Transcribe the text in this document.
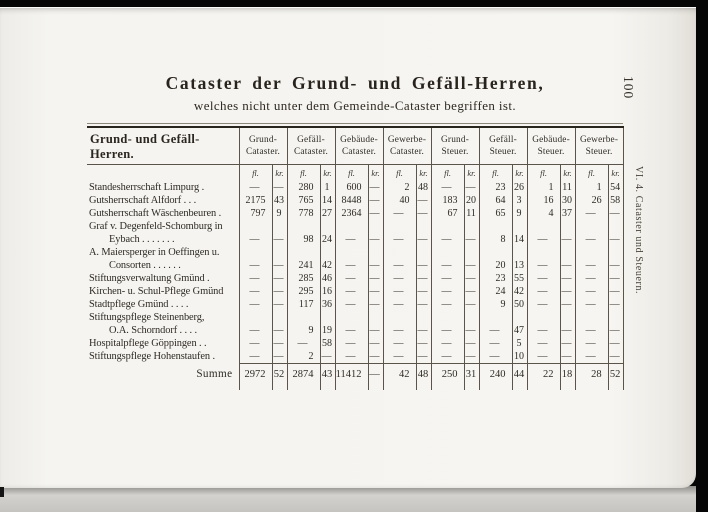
Cataster der Grund- und Gefäll-Herren,
welches nicht unter dem Gemeinde-Cataster begriffen ist.
Grund- und Gefäll-Herren.	Grund-Cataster.		Gefäll-Cataster.		Gebäude-Cataster.		Gewerbe-Cataster.		Grund-Steuer.		Gefäll-Steuer.		Gebäude-Steuer.		Gewerbe-Steuer.	
	fl.	kr.	fl.	kr.	fl.	kr.	fl.	kr.	fl.	kr.	fl.	kr.	fl.	kr.	fl.	kr.
Standesherrschaft Limpurg .	—	—	280	1	600	—	2	48	—	—	23	26	1	11	1	54
Gutsherrschaft Alfdorf . . .	2175	43	765	14	8448	—	40	—	183	20	64	3	16	30	26	58
Gutsherrschaft Wäschenbeuren .	797	9	778	27	2364	—	—	—	67	11	65	9	4	37	—	—
Graf v. Degenfeld-Schomburg in																
Eybach . . . . . . .	—	—	98	24	—	—	—	—	—	—	8	14	—	—	—	—
A. Maiersperger in Oeffingen u.																
Consorten . . . . . .	—	—	241	42	—	—	—	—	—	—	20	13	—	—	—	—
Stiftungsverwaltung Gmünd .	—	—	285	46	—	—	—	—	—	—	23	55	—	—	—	—
Kirchen- u. Schul-Pflege Gmünd	—	—	295	16	—	—	—	—	—	—	24	42	—	—	—	—
Stadtpflege Gmünd . . . .	—	—	117	36	—	—	—	—	—	—	9	50	—	—	—	—
Stiftungspflege Steinenberg,																
O.A. Schorndorf . . . .	—	—	9	19	—	—	—	—	—	—	—	47	—	—	—	—
Hospitalpflege Göppingen . .	—	—	—	58	—	—	—	—	—	—	—	5	—	—	—	—
Stiftungspflege Hohenstaufen .	—	—	2	—	—	—	—	—	—	—	—	10	—	—	—	—
Summe	2972	52	2874	43	11412	—	42	48	250	31	240	44	22	18	28	52

100
VI. 4. Cataster und Steuern.
